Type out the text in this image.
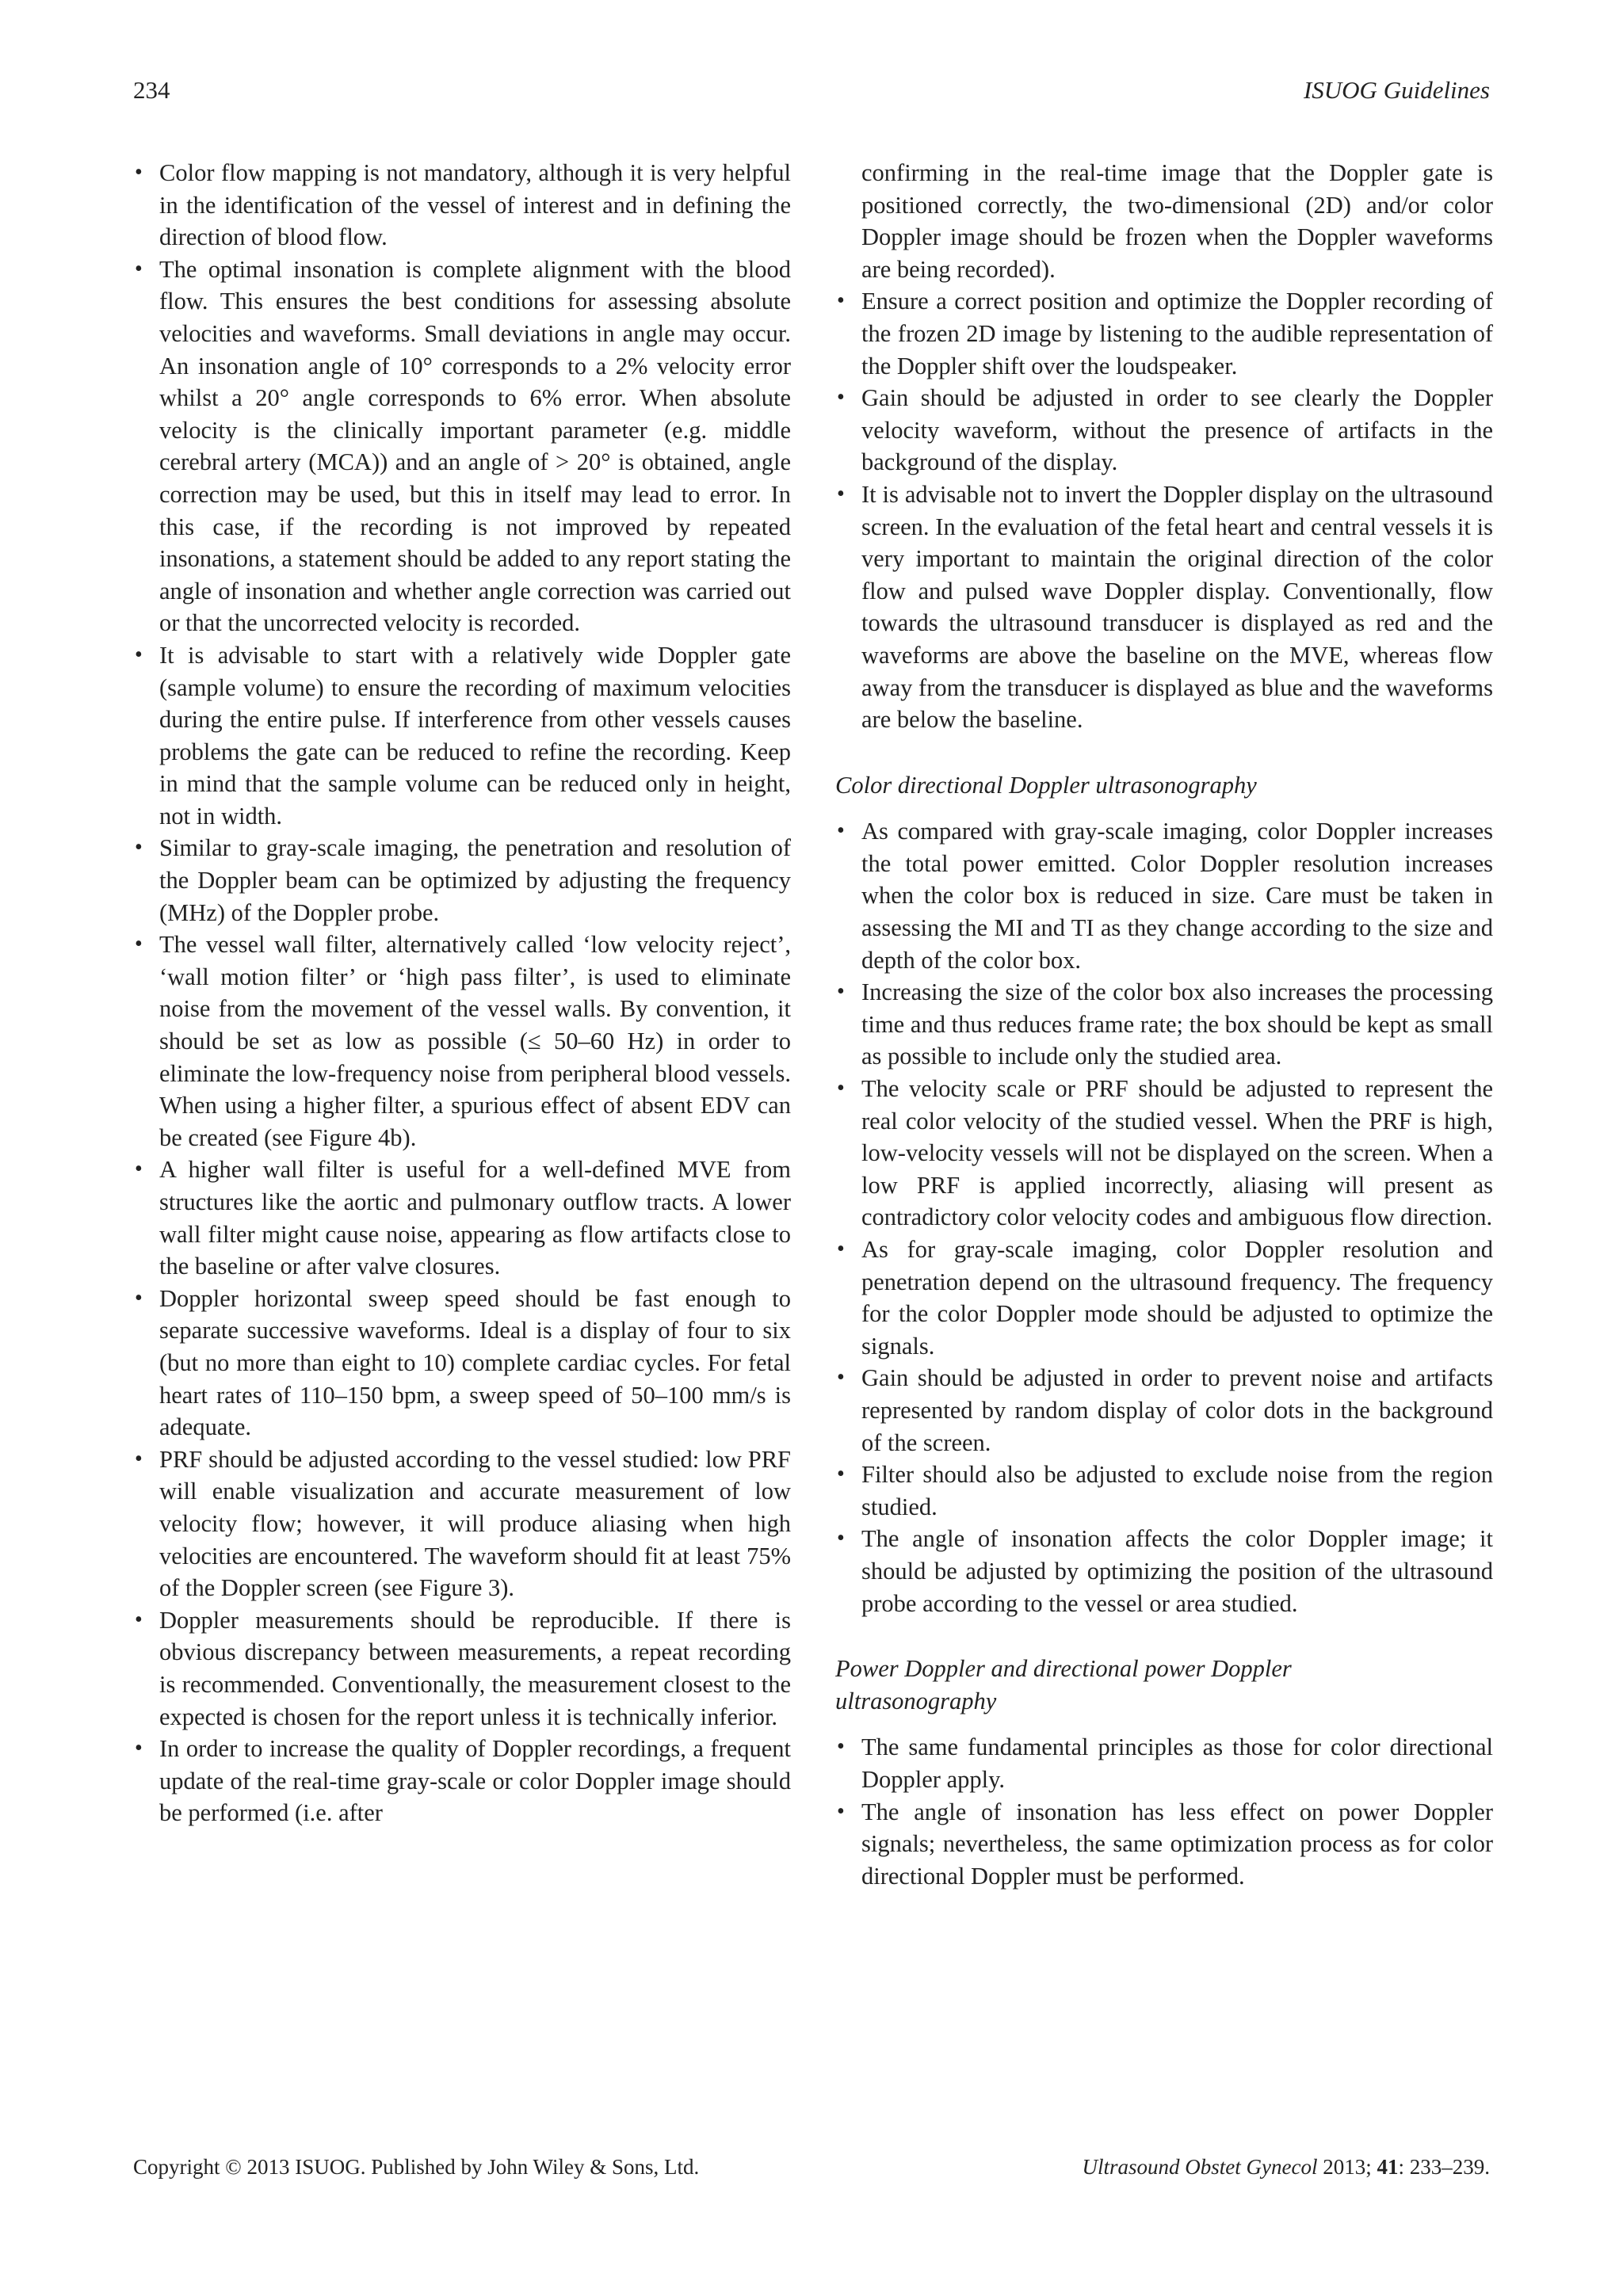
234	ISUOG Guidelines
• Color flow mapping is not mandatory, although it is very helpful in the identification of the vessel of interest and in defining the direction of blood flow.
• The optimal insonation is complete alignment with the blood flow. This ensures the best conditions for assessing absolute velocities and waveforms. Small deviations in angle may occur. An insonation angle of 10° corresponds to a 2% velocity error whilst a 20° angle corresponds to 6% error. When absolute velocity is the clinically important parameter (e.g. middle cerebral artery (MCA)) and an angle of > 20° is obtained, angle correction may be used, but this in itself may lead to error. In this case, if the recording is not improved by repeated insonations, a statement should be added to any report stating the angle of insonation and whether angle correction was carried out or that the uncorrected velocity is recorded.
• It is advisable to start with a relatively wide Doppler gate (sample volume) to ensure the recording of maximum velocities during the entire pulse. If interference from other vessels causes problems the gate can be reduced to refine the recording. Keep in mind that the sample volume can be reduced only in height, not in width.
• Similar to gray-scale imaging, the penetration and resolution of the Doppler beam can be optimized by adjusting the frequency (MHz) of the Doppler probe.
• The vessel wall filter, alternatively called ‘low velocity reject’, ‘wall motion filter’ or ‘high pass filter’, is used to eliminate noise from the movement of the vessel walls. By convention, it should be set as low as possible (≤ 50–60 Hz) in order to eliminate the low-frequency noise from peripheral blood vessels. When using a higher filter, a spurious effect of absent EDV can be created (see Figure 4b).
• A higher wall filter is useful for a well-defined MVE from structures like the aortic and pulmonary outflow tracts. A lower wall filter might cause noise, appearing as flow artifacts close to the baseline or after valve closures.
• Doppler horizontal sweep speed should be fast enough to separate successive waveforms. Ideal is a display of four to six (but no more than eight to 10) complete cardiac cycles. For fetal heart rates of 110–150 bpm, a sweep speed of 50–100 mm/s is adequate.
• PRF should be adjusted according to the vessel studied: low PRF will enable visualization and accurate measurement of low velocity flow; however, it will produce aliasing when high velocities are encountered. The waveform should fit at least 75% of the Doppler screen (see Figure 3).
• Doppler measurements should be reproducible. If there is obvious discrepancy between measurements, a repeat recording is recommended. Conventionally, the measurement closest to the expected is chosen for the report unless it is technically inferior.
• In order to increase the quality of Doppler recordings, a frequent update of the real-time gray-scale or color Doppler image should be performed (i.e. after
confirming in the real-time image that the Doppler gate is positioned correctly, the two-dimensional (2D) and/or color Doppler image should be frozen when the Doppler waveforms are being recorded).
• Ensure a correct position and optimize the Doppler recording of the frozen 2D image by listening to the audible representation of the Doppler shift over the loudspeaker.
• Gain should be adjusted in order to see clearly the Doppler velocity waveform, without the presence of artifacts in the background of the display.
• It is advisable not to invert the Doppler display on the ultrasound screen. In the evaluation of the fetal heart and central vessels it is very important to maintain the original direction of the color flow and pulsed wave Doppler display. Conventionally, flow towards the ultrasound transducer is displayed as red and the waveforms are above the baseline on the MVE, whereas flow away from the transducer is displayed as blue and the waveforms are below the baseline.
Color directional Doppler ultrasonography
• As compared with gray-scale imaging, color Doppler increases the total power emitted. Color Doppler resolution increases when the color box is reduced in size. Care must be taken in assessing the MI and TI as they change according to the size and depth of the color box.
• Increasing the size of the color box also increases the processing time and thus reduces frame rate; the box should be kept as small as possible to include only the studied area.
• The velocity scale or PRF should be adjusted to represent the real color velocity of the studied vessel. When the PRF is high, low-velocity vessels will not be displayed on the screen. When a low PRF is applied incorrectly, aliasing will present as contradictory color velocity codes and ambiguous flow direction.
• As for gray-scale imaging, color Doppler resolution and penetration depend on the ultrasound frequency. The frequency for the color Doppler mode should be adjusted to optimize the signals.
• Gain should be adjusted in order to prevent noise and artifacts represented by random display of color dots in the background of the screen.
• Filter should also be adjusted to exclude noise from the region studied.
• The angle of insonation affects the color Doppler image; it should be adjusted by optimizing the position of the ultrasound probe according to the vessel or area studied.
Power Doppler and directional power Doppler
ultrasonography
• The same fundamental principles as those for color directional Doppler apply.
• The angle of insonation has less effect on power Doppler signals; nevertheless, the same optimization process as for color directional Doppler must be performed.
Copyright © 2013 ISUOG. Published by John Wiley & Sons, Ltd.	Ultrasound Obstet Gynecol 2013; 41: 233–239.
